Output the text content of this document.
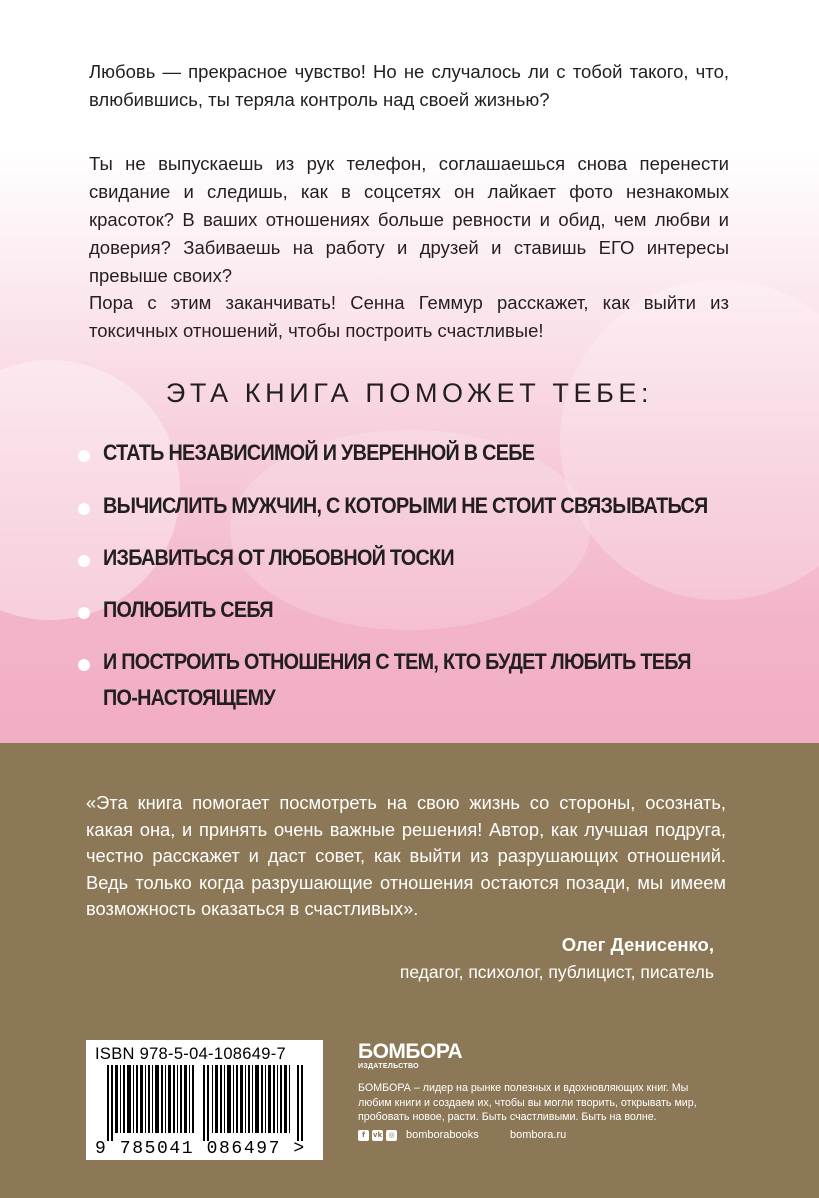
Любовь — прекрасное чувство! Но не случалось ли с тобой такого, что, влюбившись, ты теряла контроль над своей жизнью?

Ты не выпускаешь из рук телефон, соглашаешься снова перенести свидание и следишь, как в соцсетях он лайкает фото незнакомых красоток? В ваших отношениях больше ревности и обид, чем любви и доверия? Забиваешь на работу и друзей и ставишь ЕГО интересы превыше своих?

Пора с этим заканчивать! Сенна Геммур расскажет, как выйти из токсичных отношений, чтобы построить счастливые!

ЭТА КНИГА ПОМОЖЕТ ТЕБЕ:
СТАТЬ НЕЗАВИСИМОЙ И УВЕРЕННОЙ В СЕБЕ
ВЫЧИСЛИТЬ МУЖЧИН, С КОТОРЫМИ НЕ СТОИТ СВЯЗЫВАТЬСЯ
ИЗБАВИТЬСЯ ОТ ЛЮБОВНОЙ ТОСКИ
ПОЛЮБИТЬ СЕБЯ
И ПОСТРОИТЬ ОТНОШЕНИЯ С ТЕМ, КТО БУДЕТ ЛЮБИТЬ ТЕБЯ
ПО-НАСТОЯЩЕМУ

«Эта книга помогает посмотреть на свою жизнь со стороны, осознать, какая она, и принять очень важные решения! Автор, как лучшая подруга, честно расскажет и даст совет, как выйти из разрушающих отношений. Ведь только когда разрушающие отношения остаются позади, мы имеем возможность оказаться в счастливых».

Олег Денисенко,
педагог, психолог, публицист, писатель
ISBN 978-5-04-108649-7
9 785041 086497 >
БОМБОРА
ИЗДАТЕЛЬСТВО

БОМБОРА – лидер на рынке полезных и вдохновляющих книг. Мы любим книги и создаем их, чтобы вы могли творить, открывать мир, пробовать новое, расти. Быть счастливыми. Быть на волне.

f	vk ◎ bomborabooks	bombora.ru
